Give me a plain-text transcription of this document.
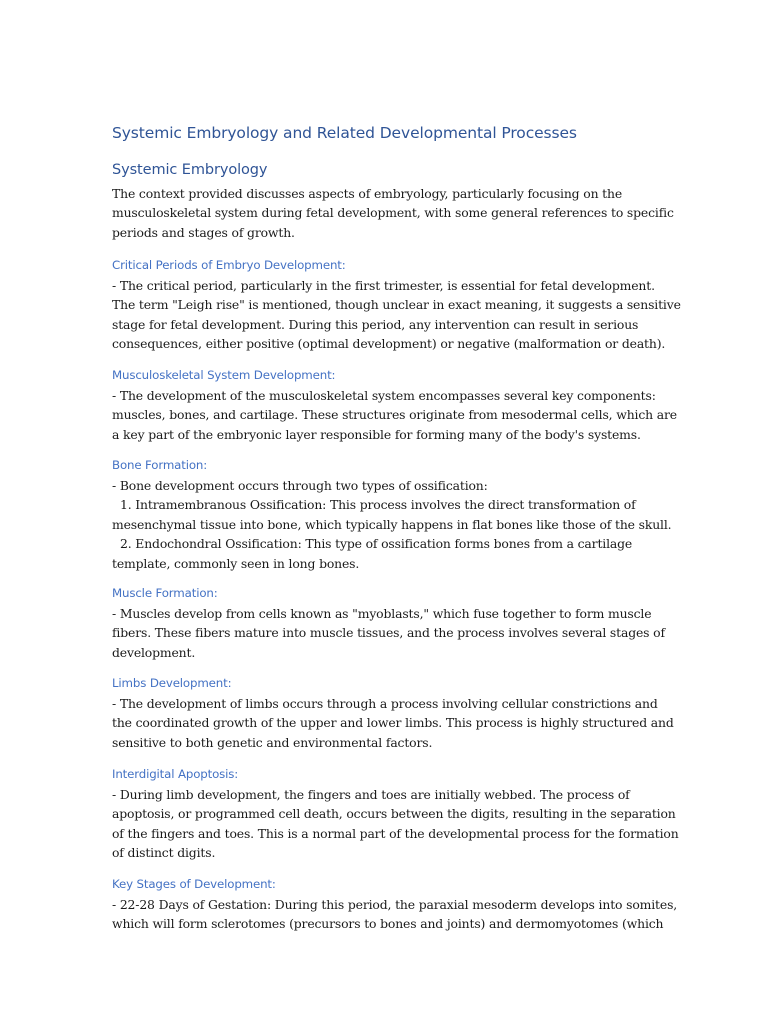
Systemic Embryology and Related Developmental Processes
Systemic Embryology

The context provided discusses aspects of embryology, particularly focusing on the
musculoskeletal system during fetal development, with some general references to specific
periods and stages of growth.

Critical Periods of Embryo Development:

- The critical period, particularly in the first trimester, is essential for fetal development.
The term "Leigh rise" is mentioned, though unclear in exact meaning, it suggests a sensitive
stage for fetal development. During this period, any intervention can result in serious
consequences, either positive (optimal development) or negative (malformation or death).

Musculoskeletal System Development:

- The development of the musculoskeletal system encompasses several key components:
muscles, bones, and cartilage. These structures originate from mesodermal cells, which are
a key part of the embryonic layer responsible for forming many of the body's systems.

Bone Formation:

- Bone development occurs through two types of ossification:
1. Intramembranous Ossification: This process involves the direct transformation of
mesenchymal tissue into bone, which typically happens in flat bones like those of the skull.
2. Endochondral Ossification: This type of ossification forms bones from a cartilage
template, commonly seen in long bones.

Muscle Formation:

- Muscles develop from cells known as "myoblasts," which fuse together to form muscle
fibers. These fibers mature into muscle tissues, and the process involves several stages of
development.

Limbs Development:

- The development of limbs occurs through a process involving cellular constrictions and
the coordinated growth of the upper and lower limbs. This process is highly structured and
sensitive to both genetic and environmental factors.

Interdigital Apoptosis:

- During limb development, the fingers and toes are initially webbed. The process of
apoptosis, or programmed cell death, occurs between the digits, resulting in the separation
of the fingers and toes. This is a normal part of the developmental process for the formation
of distinct digits.

Key Stages of Development:

- 22-28 Days of Gestation: During this period, the paraxial mesoderm develops into somites,
which will form sclerotomes (precursors to bones and joints) and dermomyotomes (which
